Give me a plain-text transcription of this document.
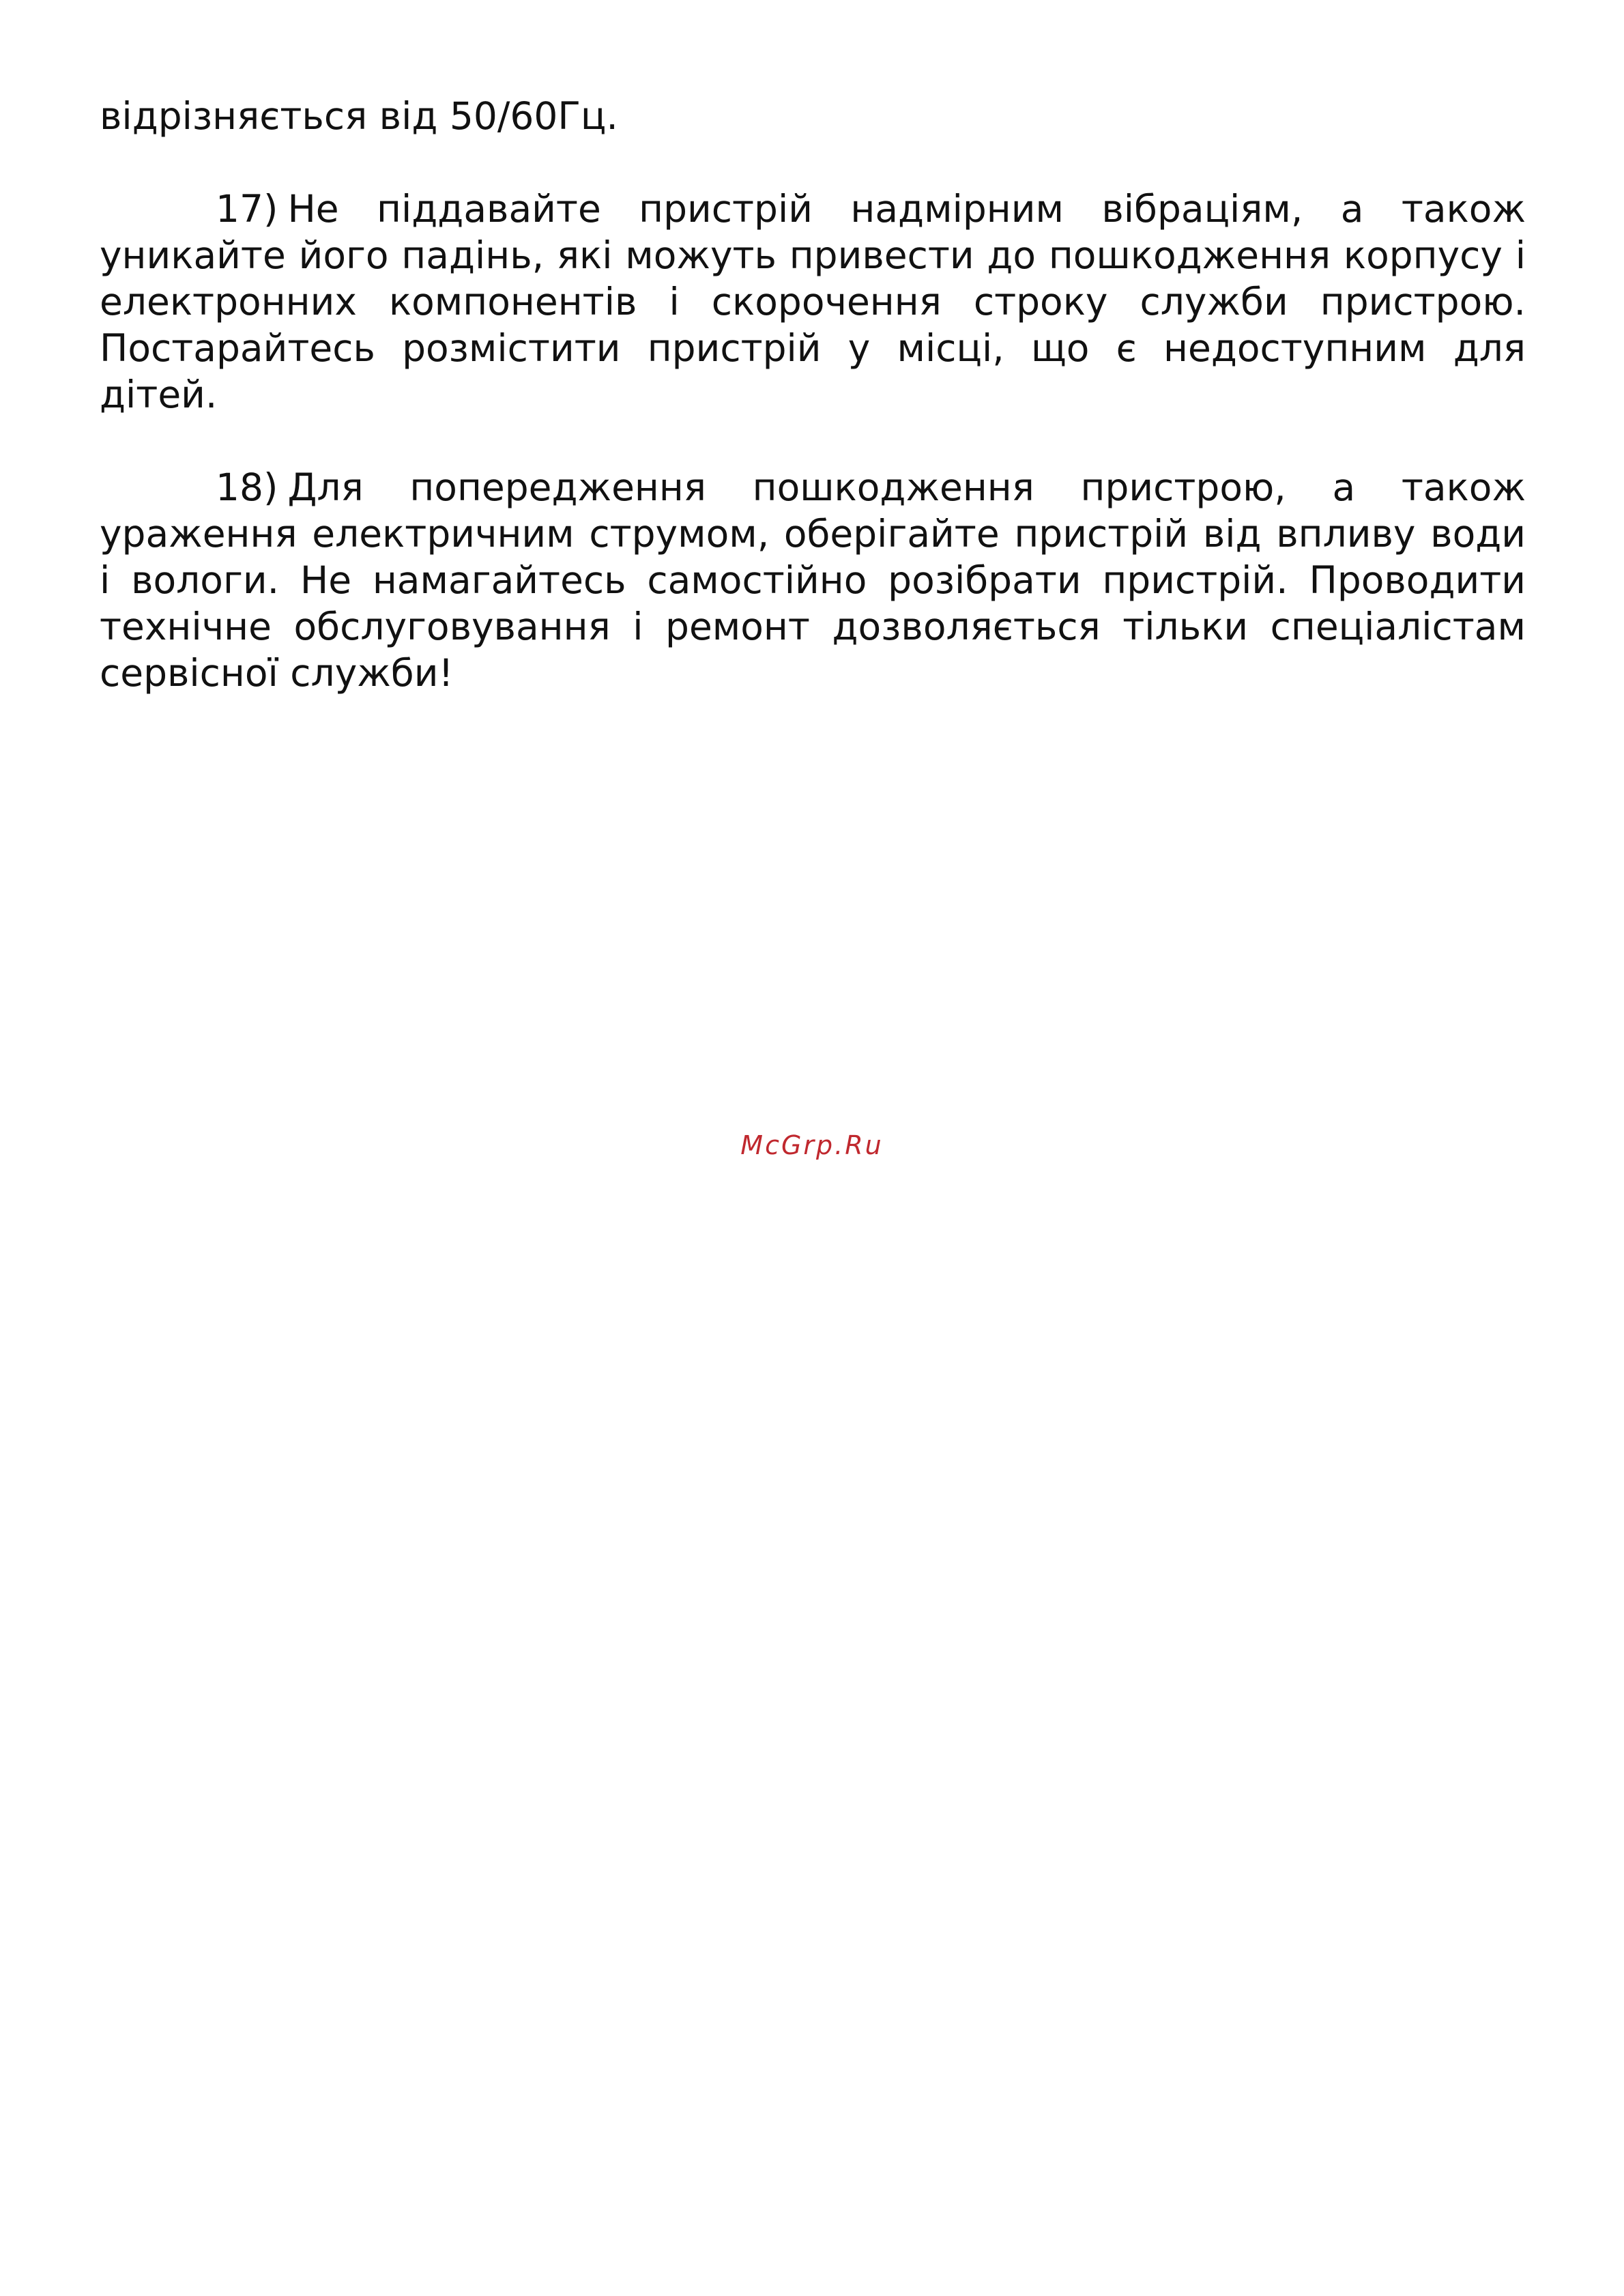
відрізняється від 50/60Гц.

17) Не піддавайте пристрій надмірним вібраціям, а також уникайте його падінь, які можуть привести до пошкодження корпусу і електронних компонентів і скорочення строку служби пристрою. Постарайтесь розмістити пристрій у місці, що є недоступним для дітей.

18) Для попередження пошкодження пристрою, а також ураження електричним струмом, оберігайте пристрій від впливу води і вологи. Не намагайтесь самостійно розібрати пристрій. Проводити технічне обслуговування і ремонт дозволяється тільки спеціалістам сервісної служби!

McGrp.Ru
